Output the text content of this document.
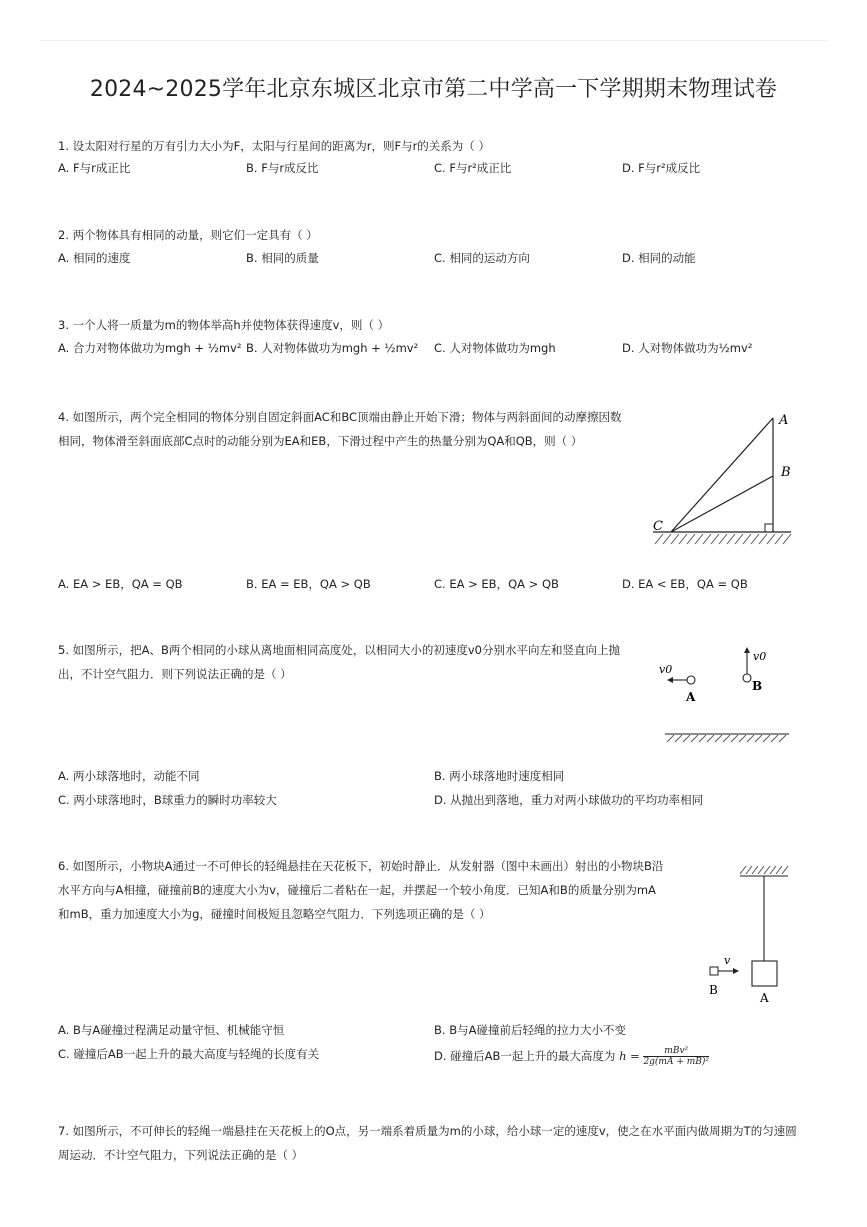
2024~2025学年北京东城区北京市第二中学高一下学期期末物理试卷
1. 设太阳对行星的万有引力大小为F，太阳与行星间的距离为r，则F与r的关系为（ ）
A. F与r成正比	B. F与r成反比	C. F与r²成正比	D. F与r²成反比
2. 两个物体具有相同的动量，则它们一定具有（ ）
A. 相同的速度	B. 相同的质量	C. 相同的运动方向	D. 相同的动能
3. 一个人将一质量为m的物体举高h并使物体获得速度v，则（ ）
A. 合力对物体做功为mgh + ½mv² B. 人对物体做功为mgh + ½mv² C. 人对物体做功为mgh	D. 人对物体做功为½mv²
4. 如图所示，两个完全相同的物体分别自固定斜面AC和BC顶端由静止开始下滑；物体与两斜面间的动摩擦因数
相同，物体滑至斜面底部C点时的动能分别为EA和EB，下滑过程中产生的热量分别为QA和QB，则（ ）
A
B
C
A. EA > EB，QA = QB	B. EA = EB，QA > QB	C. EA > EB，QA > QB	D. EA < EB，QA = QB
5. 如图所示，把A、B两个相同的小球从离地面相同高度处，以相同大小的初速度v0分别水平向左和竖直向上抛
出，不计空气阻力．则下列说法正确的是（ ）	v0
A
v0
B
A. 两小球落地时，动能不同	B. 两小球落地时速度相同
C. 两小球落地时，B球重力的瞬时功率较大	D. 从抛出到落地，重力对两小球做功的平均功率相同
6. 如图所示，小物块A通过一不可伸长的轻绳悬挂在天花板下，初始时静止．从发射器（图中未画出）射出的小物块B沿
水平方向与A相撞，碰撞前B的速度大小为v，碰撞后二者粘在一起，并摆起一个较小角度．已知A和B的质量分别为mA
和mB，重力加速度大小为g，碰撞时间极短且忽略空气阻力．下列选项正确的是（ ）
A
v
B
A. B与A碰撞过程满足动量守恒、机械能守恒	B. B与A碰撞前后轻绳的拉力大小不变
C. 碰撞后AB一起上升的最大高度与轻绳的长度有关	D. 碰撞后AB一起上升的最大高度为 $h = \frac{\text{mBv²}}{\text{2g(mA + mB)²}}$
7. 如图所示，不可伸长的轻绳一端悬挂在天花板上的O点，另一端系着质量为m的小球，给小球一定的速度v，使之在水平面内做周期为T的匀速圆
周运动．不计空气阻力，下列说法正确的是（ ）
